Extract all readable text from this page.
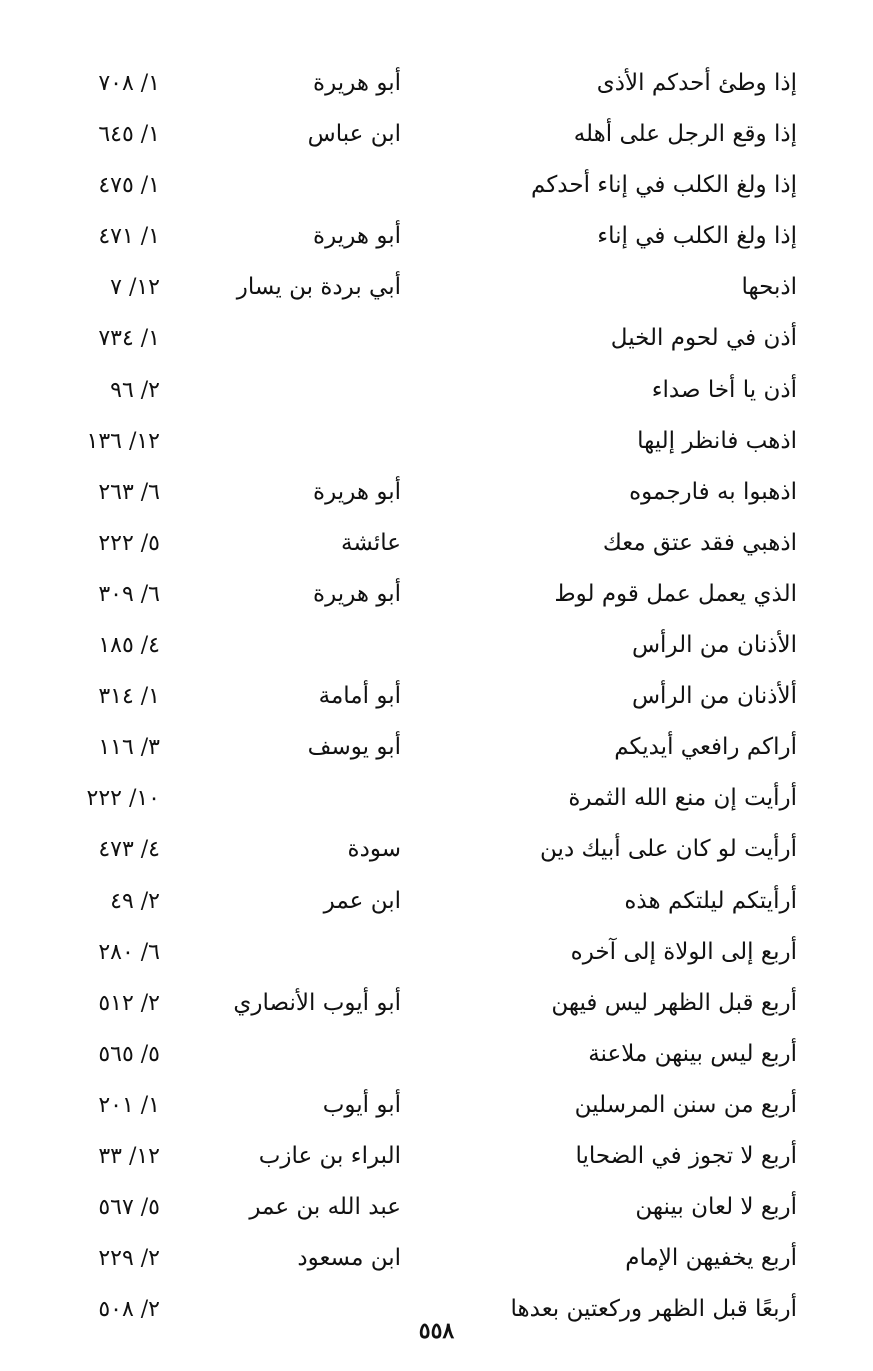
إذا وطئ أحدكم الأذى
أبو هريرة
١/ ٧٠٨
إذا وقع الرجل على أهله
ابن عباس
١/ ٦٤٥
إذا ولغ الكلب في إناء أحدكم
١/ ٤٧٥
إذا ولغ الكلب في إناء
أبو هريرة
١/ ٤٧١
اذبحها
أبي بردة بن يسار
١٢/ ٧
أذن في لحوم الخيل
١/ ٧٣٤
أذن يا أخا صداء
٢/ ٩٦
اذهب فانظر إليها
١٢/ ١٣٦
اذهبوا به فارجموه
أبو هريرة
٦/ ٢٦٣
اذهبي فقد عتق معك
عائشة
٥/ ٢٢٢
الذي يعمل عمل قوم لوط
أبو هريرة
٦/ ٣٠٩
الأذنان من الرأس
٤/ ١٨٥
ألأذنان من الرأس
أبو أمامة
١/ ٣١٤
أراكم رافعي أيديكم
أبو يوسف
٣/ ١١٦
أرأيت إن منع الله الثمرة
١٠/ ٢٢٢
أرأيت لو كان على أبيك دين
سودة
٤/ ٤٧٣
أرأيتكم ليلتكم هذه
ابن عمر
٢/ ٤٩
أربع إلى الولاة إلى آخره
٦/ ٢٨٠
أربع قبل الظهر ليس فيهن
أبو أيوب الأنصاري
٢/ ٥١٢
أربع ليس بينهن ملاعنة
٥/ ٥٦٥
أربع من سنن المرسلين
أبو أيوب
١/ ٢٠١
أربع لا تجوز في الضحايا
البراء بن عازب
١٢/ ٣٣
أربع لا لعان بينهن
عبد الله بن عمر
٥/ ٥٦٧
أربع يخفيهن الإمام
ابن مسعود
٢/ ٢٢٩
أربعًا قبل الظهر وركعتين بعدها
٢/ ٥٠٨
٥٥٨
